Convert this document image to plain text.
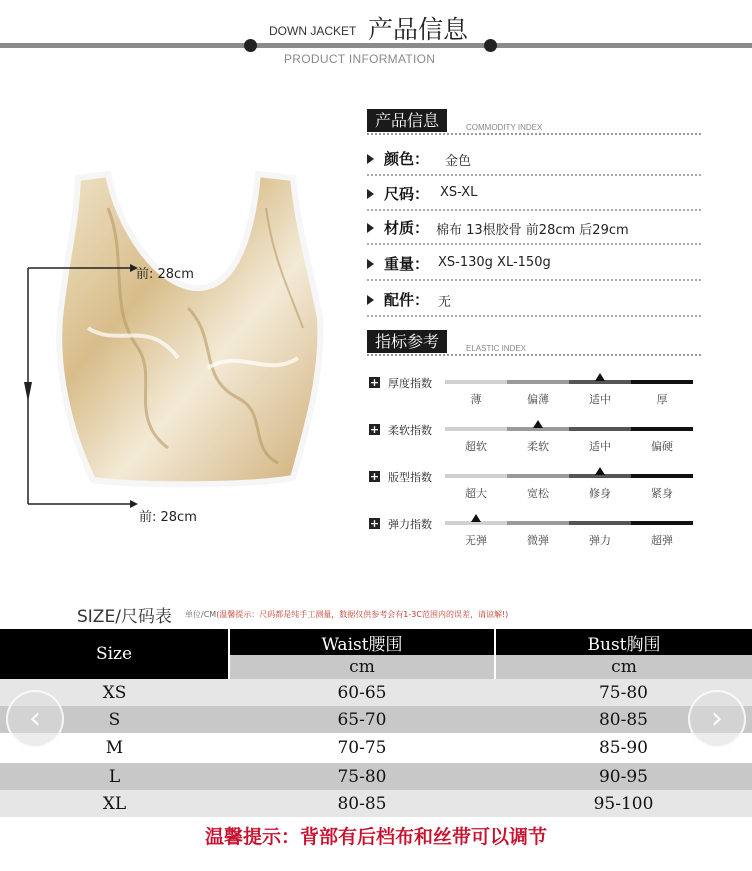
DOWN JACKET 产品信息
PRODUCT INFORMATION
前: 28cm
前: 28cm
产品信息	COMMODITY INDEX
颜色： 金色
尺码： XS-XL
材质： 棉布 13根胶骨 前28cm 后29cm
重量： XS-130g XL-150g
配件： 无
指标参考	ELASTIC INDEX
+ 厚度指数
薄	偏薄	适中	厚
+ 柔软指数
超软	柔软	适中	偏硬
+ 版型指数
超大	宽松	修身	紧身
+ 弹力指数
无弹	微弹	弹力	超弹
SIZE/尺码表 单位/CM(温馨提示：尺码都是纯手工测量，数据仅供参考会有1-3C范围内的误差，请谅解!)
Size	Waist腰围	Bust胸围
	cm	cm
XS	60-65	75-80
S	65-70	80-85
M	70-75	85-90
L	75-80	90-95
XL	80-85	95-100
‹	›
温馨提示：背部有后档布和丝带可以调节
